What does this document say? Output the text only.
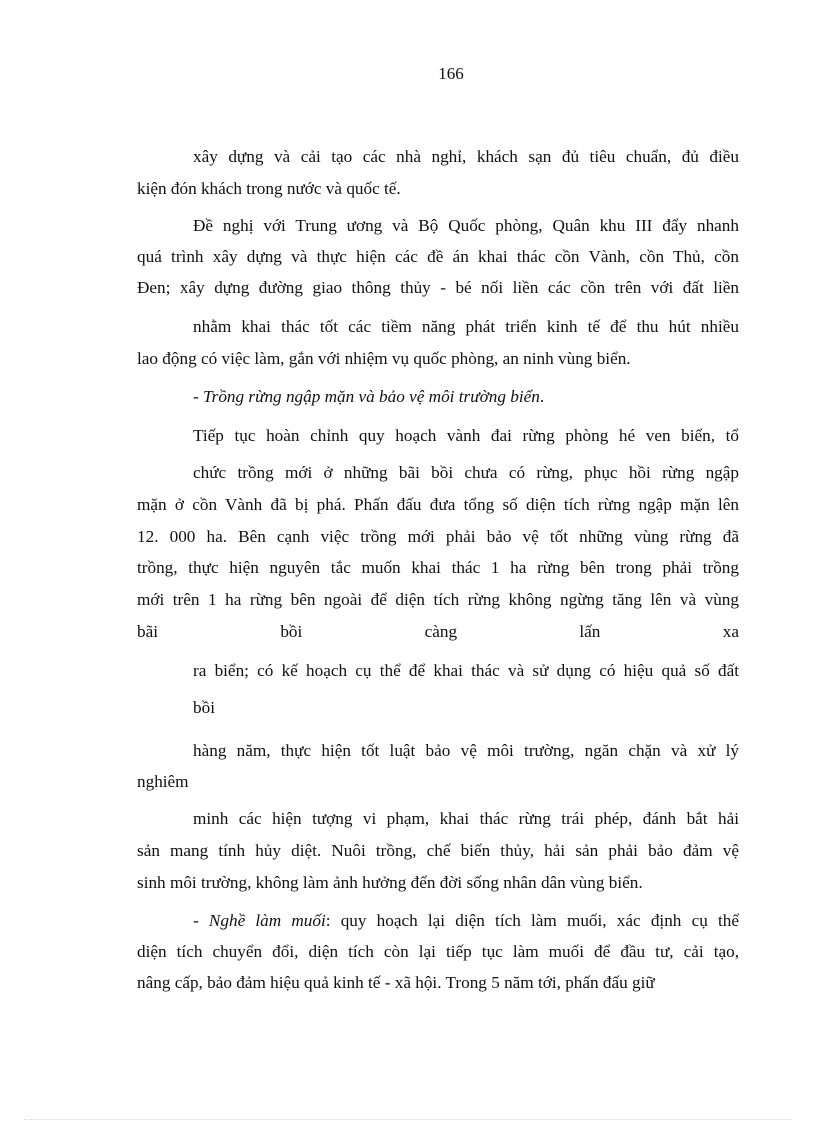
166
xây dựng và cải tạo các nhà nghỉ, khách sạn đủ tiêu chuẩn, đủ điều
kiện đón khách trong nước và quốc tế.
Đề nghị với Trung ương và Bộ Quốc phòng, Quân khu III đẩy nhanh
quá trình xây dựng và thực hiện các đề án khai thác cồn Vành, cồn Thủ, cồn
Đen; xây dựng đường giao thông thủy - bé nối liền các cồn trên với đất liền
nhằm khai thác tốt các tiềm năng phát triển kinh tế để thu hút nhiều
lao động có việc làm, gắn với nhiệm vụ quốc phòng, an ninh vùng biển.
- Trồng rừng ngập mặn và bảo vệ môi trường biển.
Tiếp tục hoàn chỉnh quy hoạch vành đai rừng phòng hé ven biển, tổ
chức trồng mới ở những bãi bồi chưa có rừng, phục hồi rừng ngập
mặn ở cồn Vành đã bị phá. Phấn đấu đưa tổng số diện tích rừng ngập mặn lên
12. 000 ha. Bên cạnh việc trồng mới phải bảo vệ tốt những vùng rừng đã
trồng, thực hiện nguyên tắc muốn khai thác 1 ha rừng bên trong phải trồng
mới trên 1 ha rừng bên ngoài để diện tích rừng không ngừng tăng lên và vùng
bãi	bồi	càng	lấn	xa
ra biển; có kế hoạch cụ thể để khai thác và sử dụng có hiệu quả số đất
bồi
hàng năm, thực hiện tốt luật bảo vệ môi trường, ngăn chặn và xử lý
nghiêm
minh các hiện tượng vi phạm, khai thác rừng trái phép, đánh bắt hải
sản mang tính hủy diệt. Nuôi trồng, chế biến thủy, hải sản phải bảo đảm vệ
sinh môi trường, không làm ảnh hưởng đến đời sống nhân dân vùng biển.
- Nghề làm muối: quy hoạch lại diện tích làm muối, xác định cụ thể
diện tích chuyển đổi, diện tích còn lại tiếp tục làm muối để đầu tư, cải tạo,
nâng cấp, bảo đảm hiệu quả kinh tế - xã hội. Trong 5 năm tới, phấn đấu giữ
